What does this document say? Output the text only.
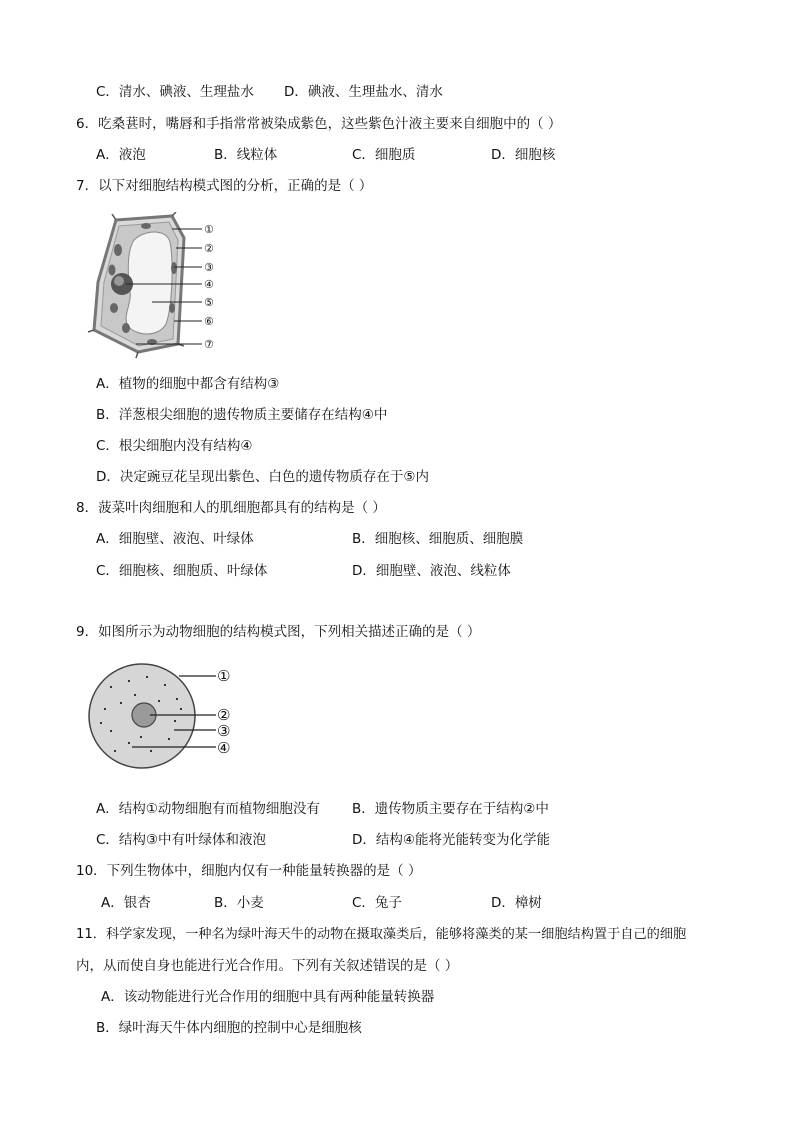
C．清水、碘液、生理盐水 D．碘液、生理盐水、清水
6．吃桑葚时，嘴唇和手指常常被染成紫色，这些紫色汁液主要来自细胞中的（ ）
A．液泡	B．线粒体	C．细胞质	D．细胞核
7．以下对细胞结构模式图的分析，正确的是（ ）
①
②
③
④
⑤
⑥
⑦
A．植物的细胞中都含有结构③
B．洋葱根尖细胞的遗传物质主要储存在结构④中
C．根尖细胞内没有结构④
D．决定豌豆花呈现出紫色、白色的遗传物质存在于⑤内
8．菠菜叶肉细胞和人的肌细胞都具有的结构是（ ）
A．细胞壁、液泡、叶绿体	B．细胞核、细胞质、细胞膜
C．细胞核、细胞质、叶绿体	D．细胞壁、液泡、线粒体
9．如图所示为动物细胞的结构模式图，下列相关描述正确的是（ ）
①
②
③
④
A．结构①动物细胞有而植物细胞没有 B．遗传物质主要存在于结构②中
C．结构③中有叶绿体和液泡	D．结构④能将光能转变为化学能
10．下列生物体中，细胞内仅有一种能量转换器的是（ ）
A．银杏	B．小麦	C．兔子	D．樟树
11．科学家发现，一种名为绿叶海天牛的动物在摄取藻类后，能够将藻类的某一细胞结构置于自己的细胞
内，从而使自身也能进行光合作用。下列有关叙述错误的是（ ）
A．该动物能进行光合作用的细胞中具有两种能量转换器
B．绿叶海天牛体内细胞的控制中心是细胞核
